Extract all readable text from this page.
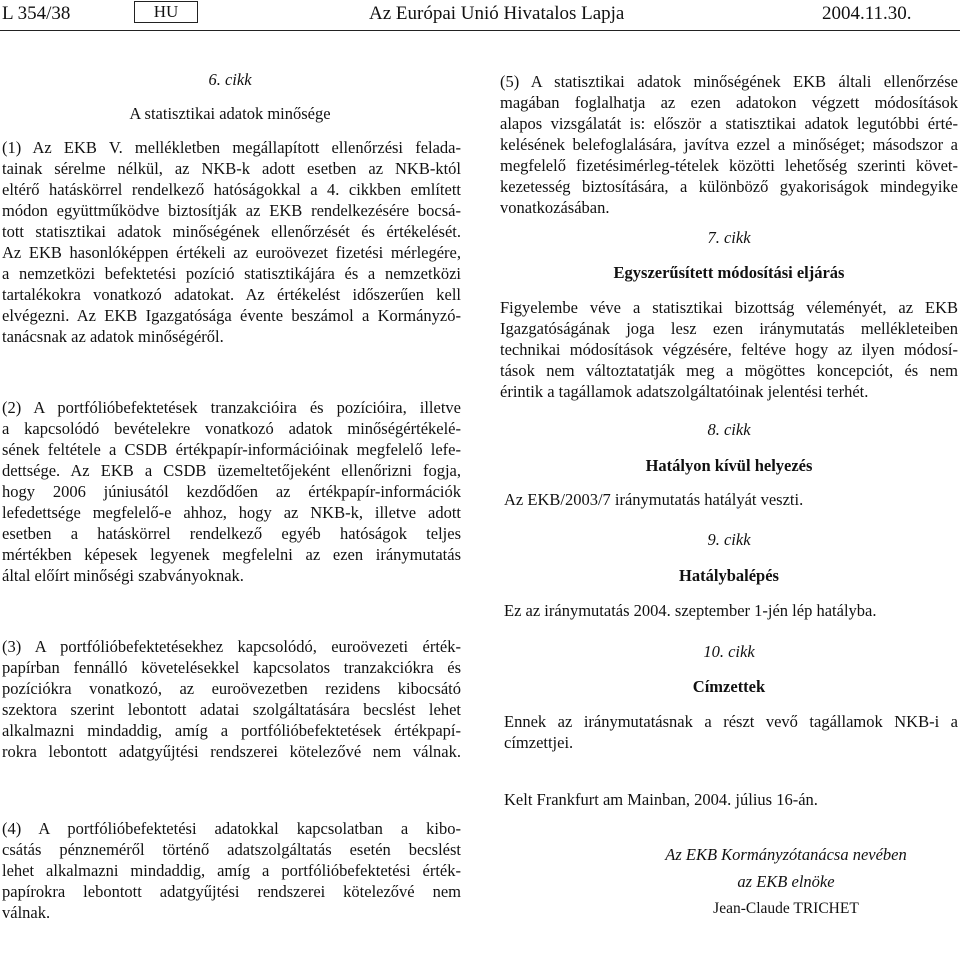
L 354/38	HU	Az Európai Unió Hivatalos Lapja	2004.11.30.
6. cikk
A statisztikai adatok minősége
(1) Az EKB V. mellékletben megállapított ellenőrzési felada-
tainak sérelme nélkül, az NKB-k adott esetben az NKB-któl
eltérő hatáskörrel rendelkező hatóságokkal a 4. cikkben említett
módon együttműködve biztosítják az EKB rendelkezésére bocsá-
tott statisztikai adatok minőségének ellenőrzését és értékelését.
Az EKB hasonlóképpen értékeli az euroövezet fizetési mérlegére,
a nemzetközi befektetési pozíció statisztikájára és a nemzetközi
tartalékokra vonatkozó adatokat. Az értékelést időszerűen kell
elvégezni. Az EKB Igazgatósága évente beszámol a Kormányzó-
tanácsnak az adatok minőségéről.
(2) A portfólióbefektetések tranzakcióira és pozícióira, illetve
a kapcsolódó bevételekre vonatkozó adatok minőségértékelé-
sének feltétele a CSDB értékpapír-információinak megfelelő lefe-
dettsége. Az EKB a CSDB üzemeltetőjeként ellenőrizni fogja,
hogy 2006 júniusától kezdődően az értékpapír-információk
lefedettsége megfelelő-e ahhoz, hogy az NKB-k, illetve adott
esetben a hatáskörrel rendelkező egyéb hatóságok teljes
mértékben képesek legyenek megfelelni az ezen iránymutatás
által előírt minőségi szabványoknak.
(3) A portfólióbefektetésekhez kapcsolódó, euroövezeti érték-
papírban fennálló követelésekkel kapcsolatos tranzakciókra és
pozíciókra vonatkozó, az euroövezetben rezidens kibocsátó
szektora szerint lebontott adatai szolgáltatására becslést lehet
alkalmazni mindaddig, amíg a portfólióbefektetések értékpapí-
rokra lebontott adatgyűjtési rendszerei kötelezővé nem válnak.
(4) A portfólióbefektetési adatokkal kapcsolatban a kibo-
csátás pénzneméről történő adatszolgáltatás esetén becslést
lehet alkalmazni mindaddig, amíg a portfólióbefektetési érték-
papírokra lebontott adatgyűjtési rendszerei kötelezővé nem
válnak.
(5) A statisztikai adatok minőségének EKB általi ellenőrzése
magában foglalhatja az ezen adatokon végzett módosítások
alapos vizsgálatát is: először a statisztikai adatok legutóbbi érté-
kelésének belefoglalására, javítva ezzel a minőséget; másodszor a
megfelelő fizetésimérleg-tételek közötti lehetőség szerinti követ-
kezetesség biztosítására, a különböző gyakoriságok mindegyike
vonatkozásában.
7. cikk
Egyszerűsített módosítási eljárás
Figyelembe véve a statisztikai bizottság véleményét, az EKB
Igazgatóságának joga lesz ezen iránymutatás mellékleteiben
technikai módosítások végzésére, feltéve hogy az ilyen módosí-
tások nem változtatatják meg a mögöttes koncepciót, és nem
érintik a tagállamok adatszolgáltatóinak jelentési terhét.
8. cikk
Hatályon kívül helyezés
Az EKB/2003/7 iránymutatás hatályát veszti.
9. cikk
Hatálybalépés
Ez az iránymutatás 2004. szeptember 1-jén lép hatályba.
10. cikk
Címzettek
Ennek az iránymutatásnak a részt vevő tagállamok NKB-i a
címzettjei.
Kelt Frankfurt am Mainban, 2004. július 16-án.
Az EKB Kormányzótanácsa nevében
az EKB elnöke
Jean-Claude TRICHET
